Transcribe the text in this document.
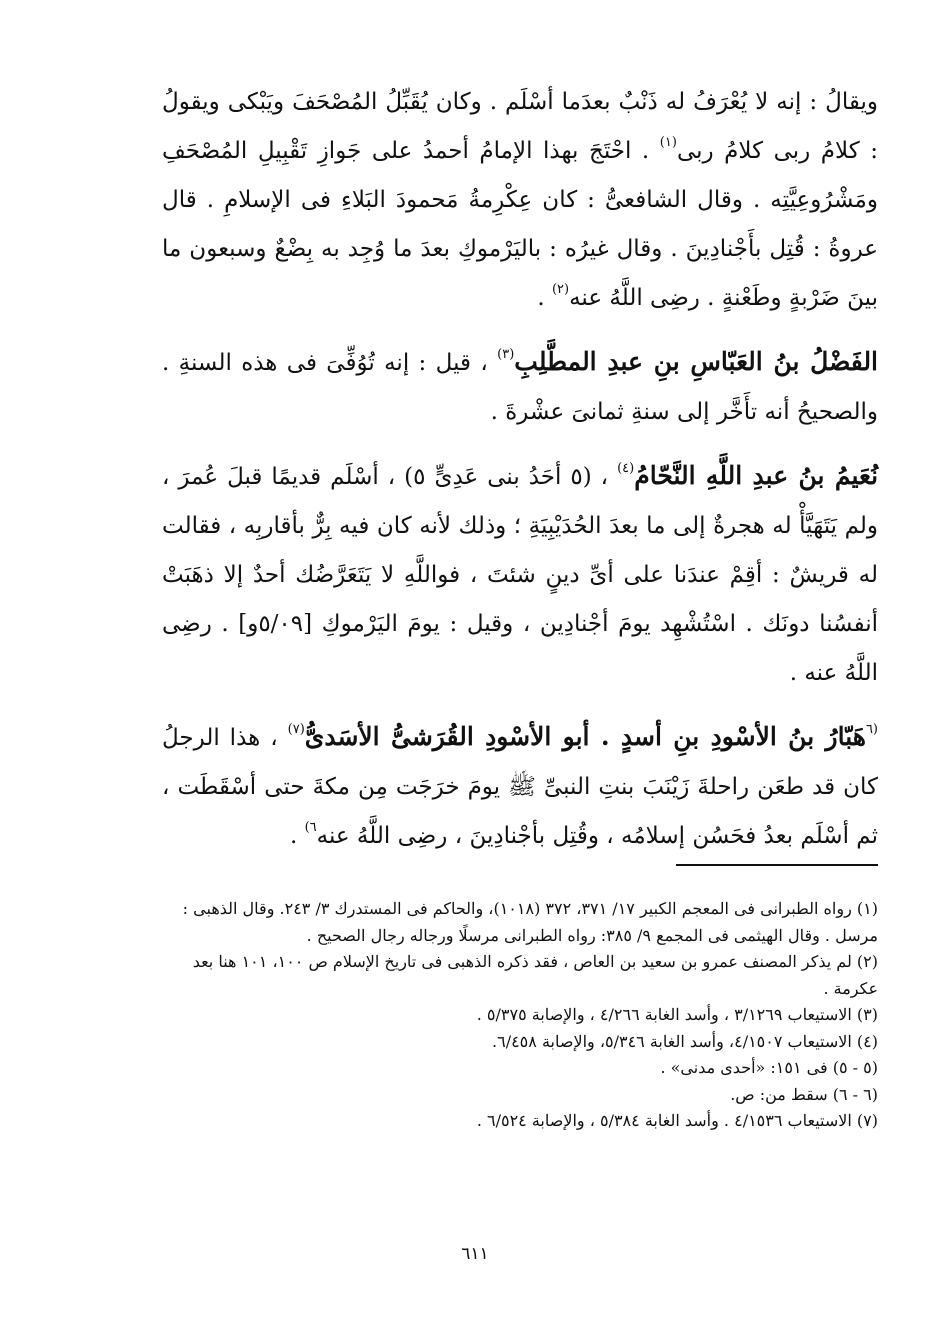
ويقالُ : إنه لا يُعْرَفُ له ذَنْبٌ بعدَما أسْلَم . وكان يُقَبِّلُ المُصْحَفَ ويَبْكى ويقولُ : كلامُ ربى كلامُ ربى$^{(١)}$ . احْتَجَ بهذا الإمامُ أحمدُ على جَوازِ تَقْبِيلِ المُصْحَفِ ومَشْرُوعِيَّتِه . وقال الشافعىُّ : كان عِكْرِمةُ مَحمودَ البَلاءِ فى الإسلامِ . قال عروةُ : قُتِل بأَجْنادِينَ . وقال غيرُه : باليَرْموكِ بعدَ ما وُجِد به بِضْعٌ وسبعون ما بينَ ضَرْبةٍ وطَعْنةٍ . رضِى اللَّهُ عنه$^{(٢)}$ .

الفَضْلُ بنُ العَبّاسِ بنِ عبدِ المطَّلِبِ$^{(٣)}$ ، قيل : إنه تُوُفِّىَ فى هذه السنةِ . والصحيحُ أنه تأَخَّر إلى سنةِ ثمانىَ عشْرةَ .

نُعَيمُ بنُ عبدِ اللَّهِ النَّحّامُ$^{(٤)}$ ، (٥ أحَدُ بنى عَدِىٍّ ٥) ، أسْلَم قديمًا قبلَ عُمرَ ، ولم يَتَهَيَّأْ له هجرةٌ إلى ما بعدَ الحُدَيْبِيَةِ ؛ وذلك لأنه كان فيه بِرٌّ بأقاربِه ، فقالت له قريشٌ : أقِمْ عندَنا على أىِّ دينٍ شئتَ ، فواللَّهِ لا يَتَعَرَّضُك أحدٌ إلا ذهَبَتْ أنفسُنا دونَك . اسْتُشْهِد يومَ أجْنادِين ، وقيل : يومَ اليَرْموكِ [٥/٠٩و] . رضِى اللَّهُ عنه .

$^{(٦}$هَبّارُ بنُ الأسْودِ بنِ أسدٍ . أبو الأسْودِ القُرَشىُّ الأسَدىُّ$^{(٧)}$ ، هذا الرجلُ كان قد طعَن راحلةَ زَيْنَبَ بنتِ النبىِّ ﷺ يومَ خرَجَت مِن مكةَ حتى أسْقَطَت ، ثم أسْلَم بعدُ فحَسُن إسلامُه ، وقُتِل بأجْنادِينَ ، رضِى اللَّهُ عنه$^{٦)}$ .

(١) رواه الطبرانى فى المعجم الكبير ١٧/ ٣٧١، ٣٧٢ (١٠١٨)، والحاكم فى المستدرك ٣/ ٢٤٣. وقال الذهبى : مرسل . وقال الهيثمى فى المجمع ٩/ ٣٨٥: رواه الطبرانى مرسلًا ورجاله رجال الصحيح .

(٢) لم يذكر المصنف عمرو بن سعيد بن العاص ، فقد ذكره الذهبى فى تاريخ الإسلام ص ١٠٠، ١٠١ هنا بعد عكرمة .

(٣) الاستيعاب ٣/١٢٦٩ ، وأسد الغابة ٤/٢٦٦ ، والإصابة ٥/٣٧٥ .

(٤) الاستيعاب ٤/١٥٠٧، وأسد الغابة ٥/٣٤٦، والإصابة ٦/٤٥٨.

(٥ - ٥) فى ١٥١: «أحدى مدنى» .

(٦ - ٦) سقط من: ص.

(٧) الاستيعاب ٤/١٥٣٦ . وأسد الغابة ٥/٣٨٤ ، والإصابة ٦/٥٢٤ .

٦١١
